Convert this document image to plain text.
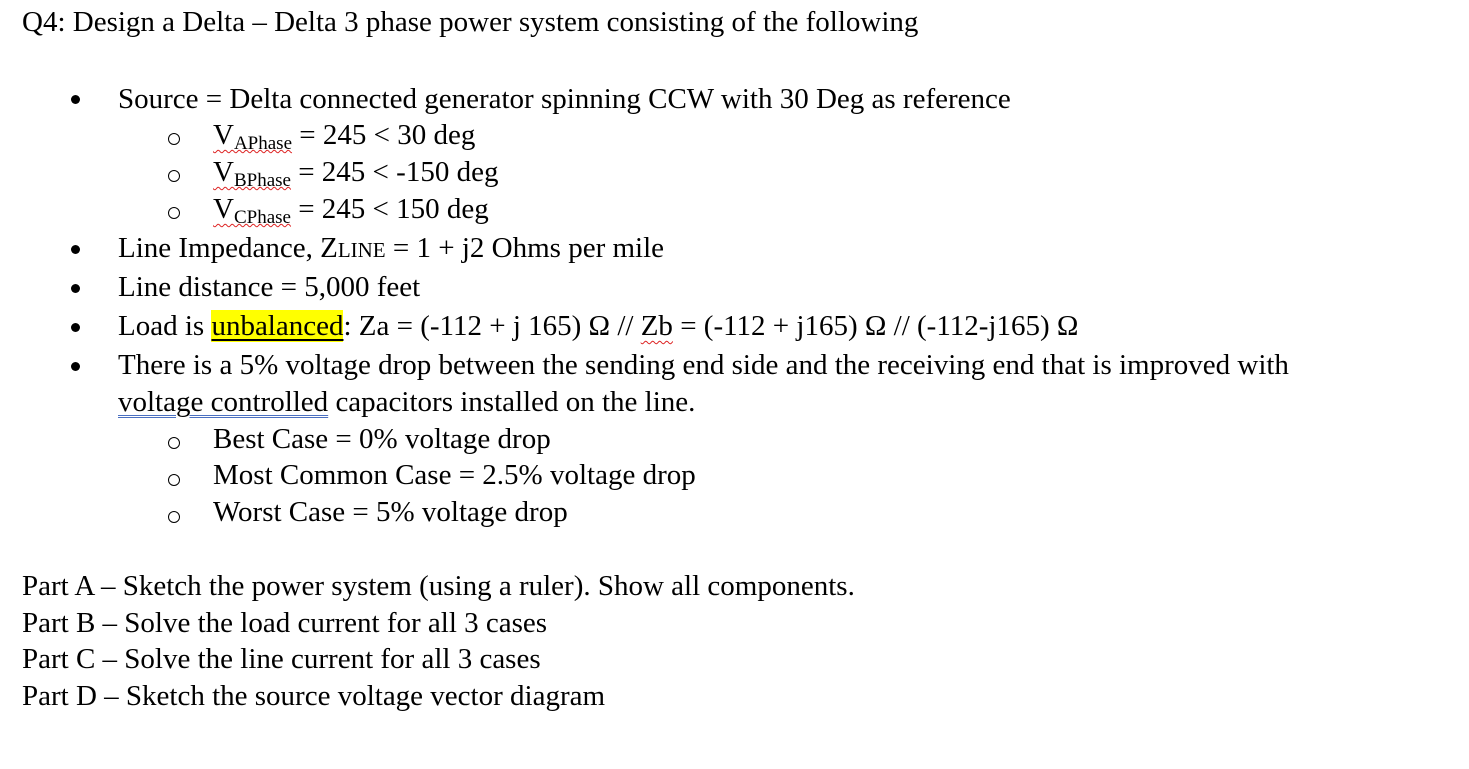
Q4: Design a Delta – Delta 3 phase power system consisting of the following
Source = Delta connected generator spinning CCW with 30 Deg as reference
$V_{APhase} = 245 < 30$ deg
$V_{BPhase} = 245 < -150$ deg
$V_{CPhase} = 245 < 150$ deg
Line Impedance, ZLINE = 1 + j2 Ohms per mile
Line distance = 5,000 feet
Load is unbalanced: Za = (-112 + j 165) Ω // Zb = (-112 + j165) Ω // (-112-j165) Ω
There is a 5% voltage drop between the sending end side and the receiving end that is improved with
voltage controlled capacitors installed on the line.
Best Case = 0% voltage drop
Most Common Case = 2.5% voltage drop
Worst Case = 5% voltage drop
Part A – Sketch the power system (using a ruler). Show all components.
Part B – Solve the load current for all 3 cases
Part C – Solve the line current for all 3 cases
Part D – Sketch the source voltage vector diagram
